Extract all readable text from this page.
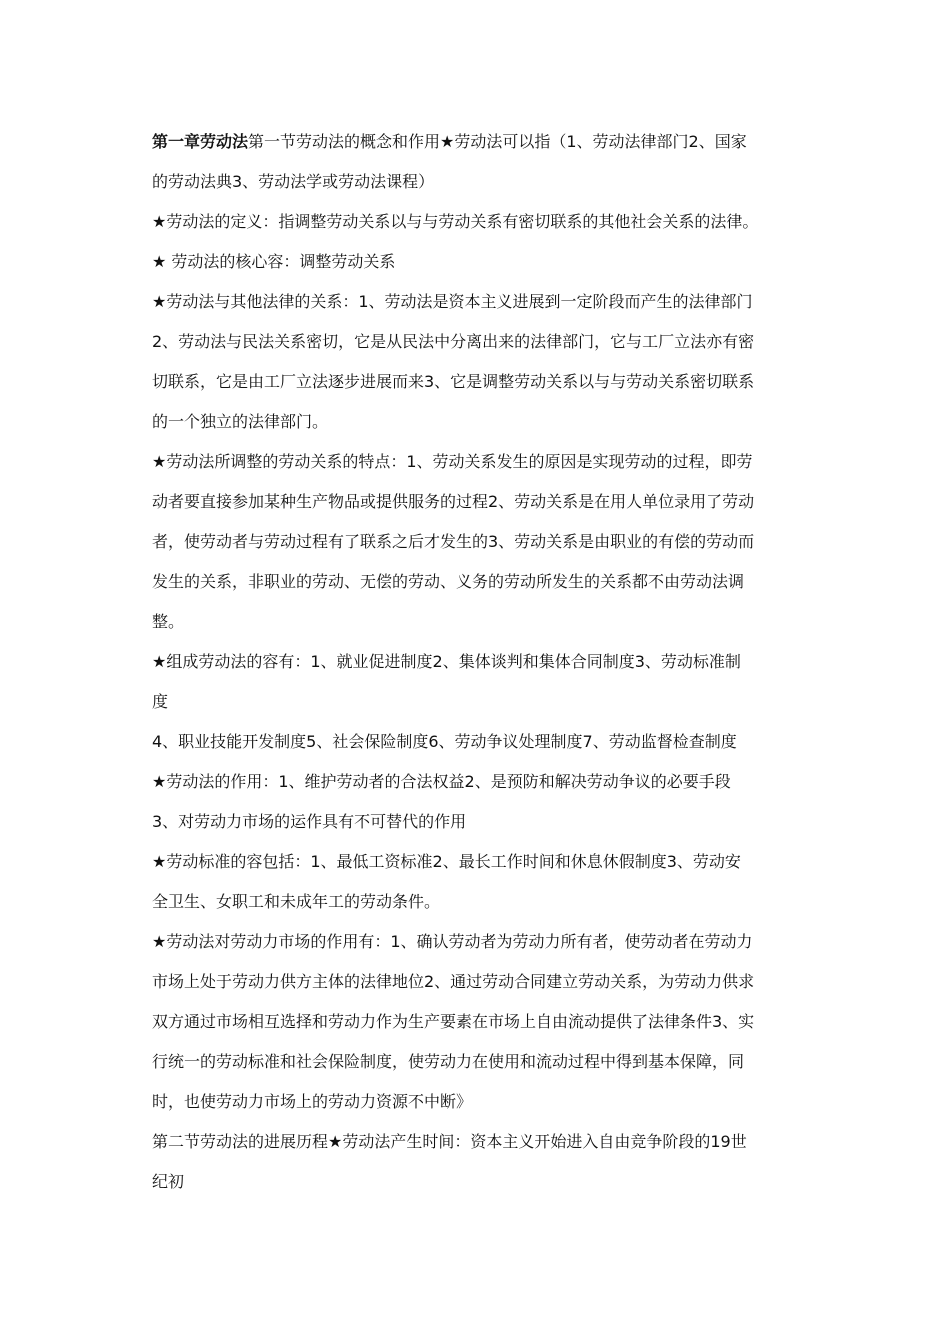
第一章劳动法第一节劳动法的概念和作用★劳动法可以指（1、劳动法律部门2、国家
的劳动法典3、劳动法学或劳动法课程）
★劳动法的定义：指调整劳动关系以与与劳动关系有密切联系的其他社会关系的法律。
★ 劳动法的核心容：调整劳动关系
★劳动法与其他法律的关系：1、劳动法是资本主义进展到一定阶段而产生的法律部门
2、劳动法与民法关系密切，它是从民法中分离出来的法律部门，它与工厂立法亦有密
切联系，它是由工厂立法逐步进展而来3、它是调整劳动关系以与与劳动关系密切联系
的一个独立的法律部门。
★劳动法所调整的劳动关系的特点：1、劳动关系发生的原因是实现劳动的过程，即劳
动者要直接参加某种生产物品或提供服务的过程2、劳动关系是在用人单位录用了劳动
者，使劳动者与劳动过程有了联系之后才发生的3、劳动关系是由职业的有偿的劳动而
发生的关系，非职业的劳动、无偿的劳动、义务的劳动所发生的关系都不由劳动法调
整。
★组成劳动法的容有：1、就业促进制度2、集体谈判和集体合同制度3、劳动标准制
度
4、职业技能开发制度5、社会保险制度6、劳动争议处理制度7、劳动监督检查制度
★劳动法的作用：1、维护劳动者的合法权益2、是预防和解决劳动争议的必要手段
3、对劳动力市场的运作具有不可替代的作用
★劳动标准的容包括：1、最低工资标准2、最长工作时间和休息休假制度3、劳动安
全卫生、女职工和未成年工的劳动条件。
★劳动法对劳动力市场的作用有：1、确认劳动者为劳动力所有者，使劳动者在劳动力
市场上处于劳动力供方主体的法律地位2、通过劳动合同建立劳动关系，为劳动力供求
双方通过市场相互选择和劳动力作为生产要素在市场上自由流动提供了法律条件3、实
行统一的劳动标准和社会保险制度，使劳动力在使用和流动过程中得到基本保障，同
时，也使劳动力市场上的劳动力资源不中断》
第二节劳动法的进展历程★劳动法产生时间：资本主义开始进入自由竞争阶段的19世
纪初
